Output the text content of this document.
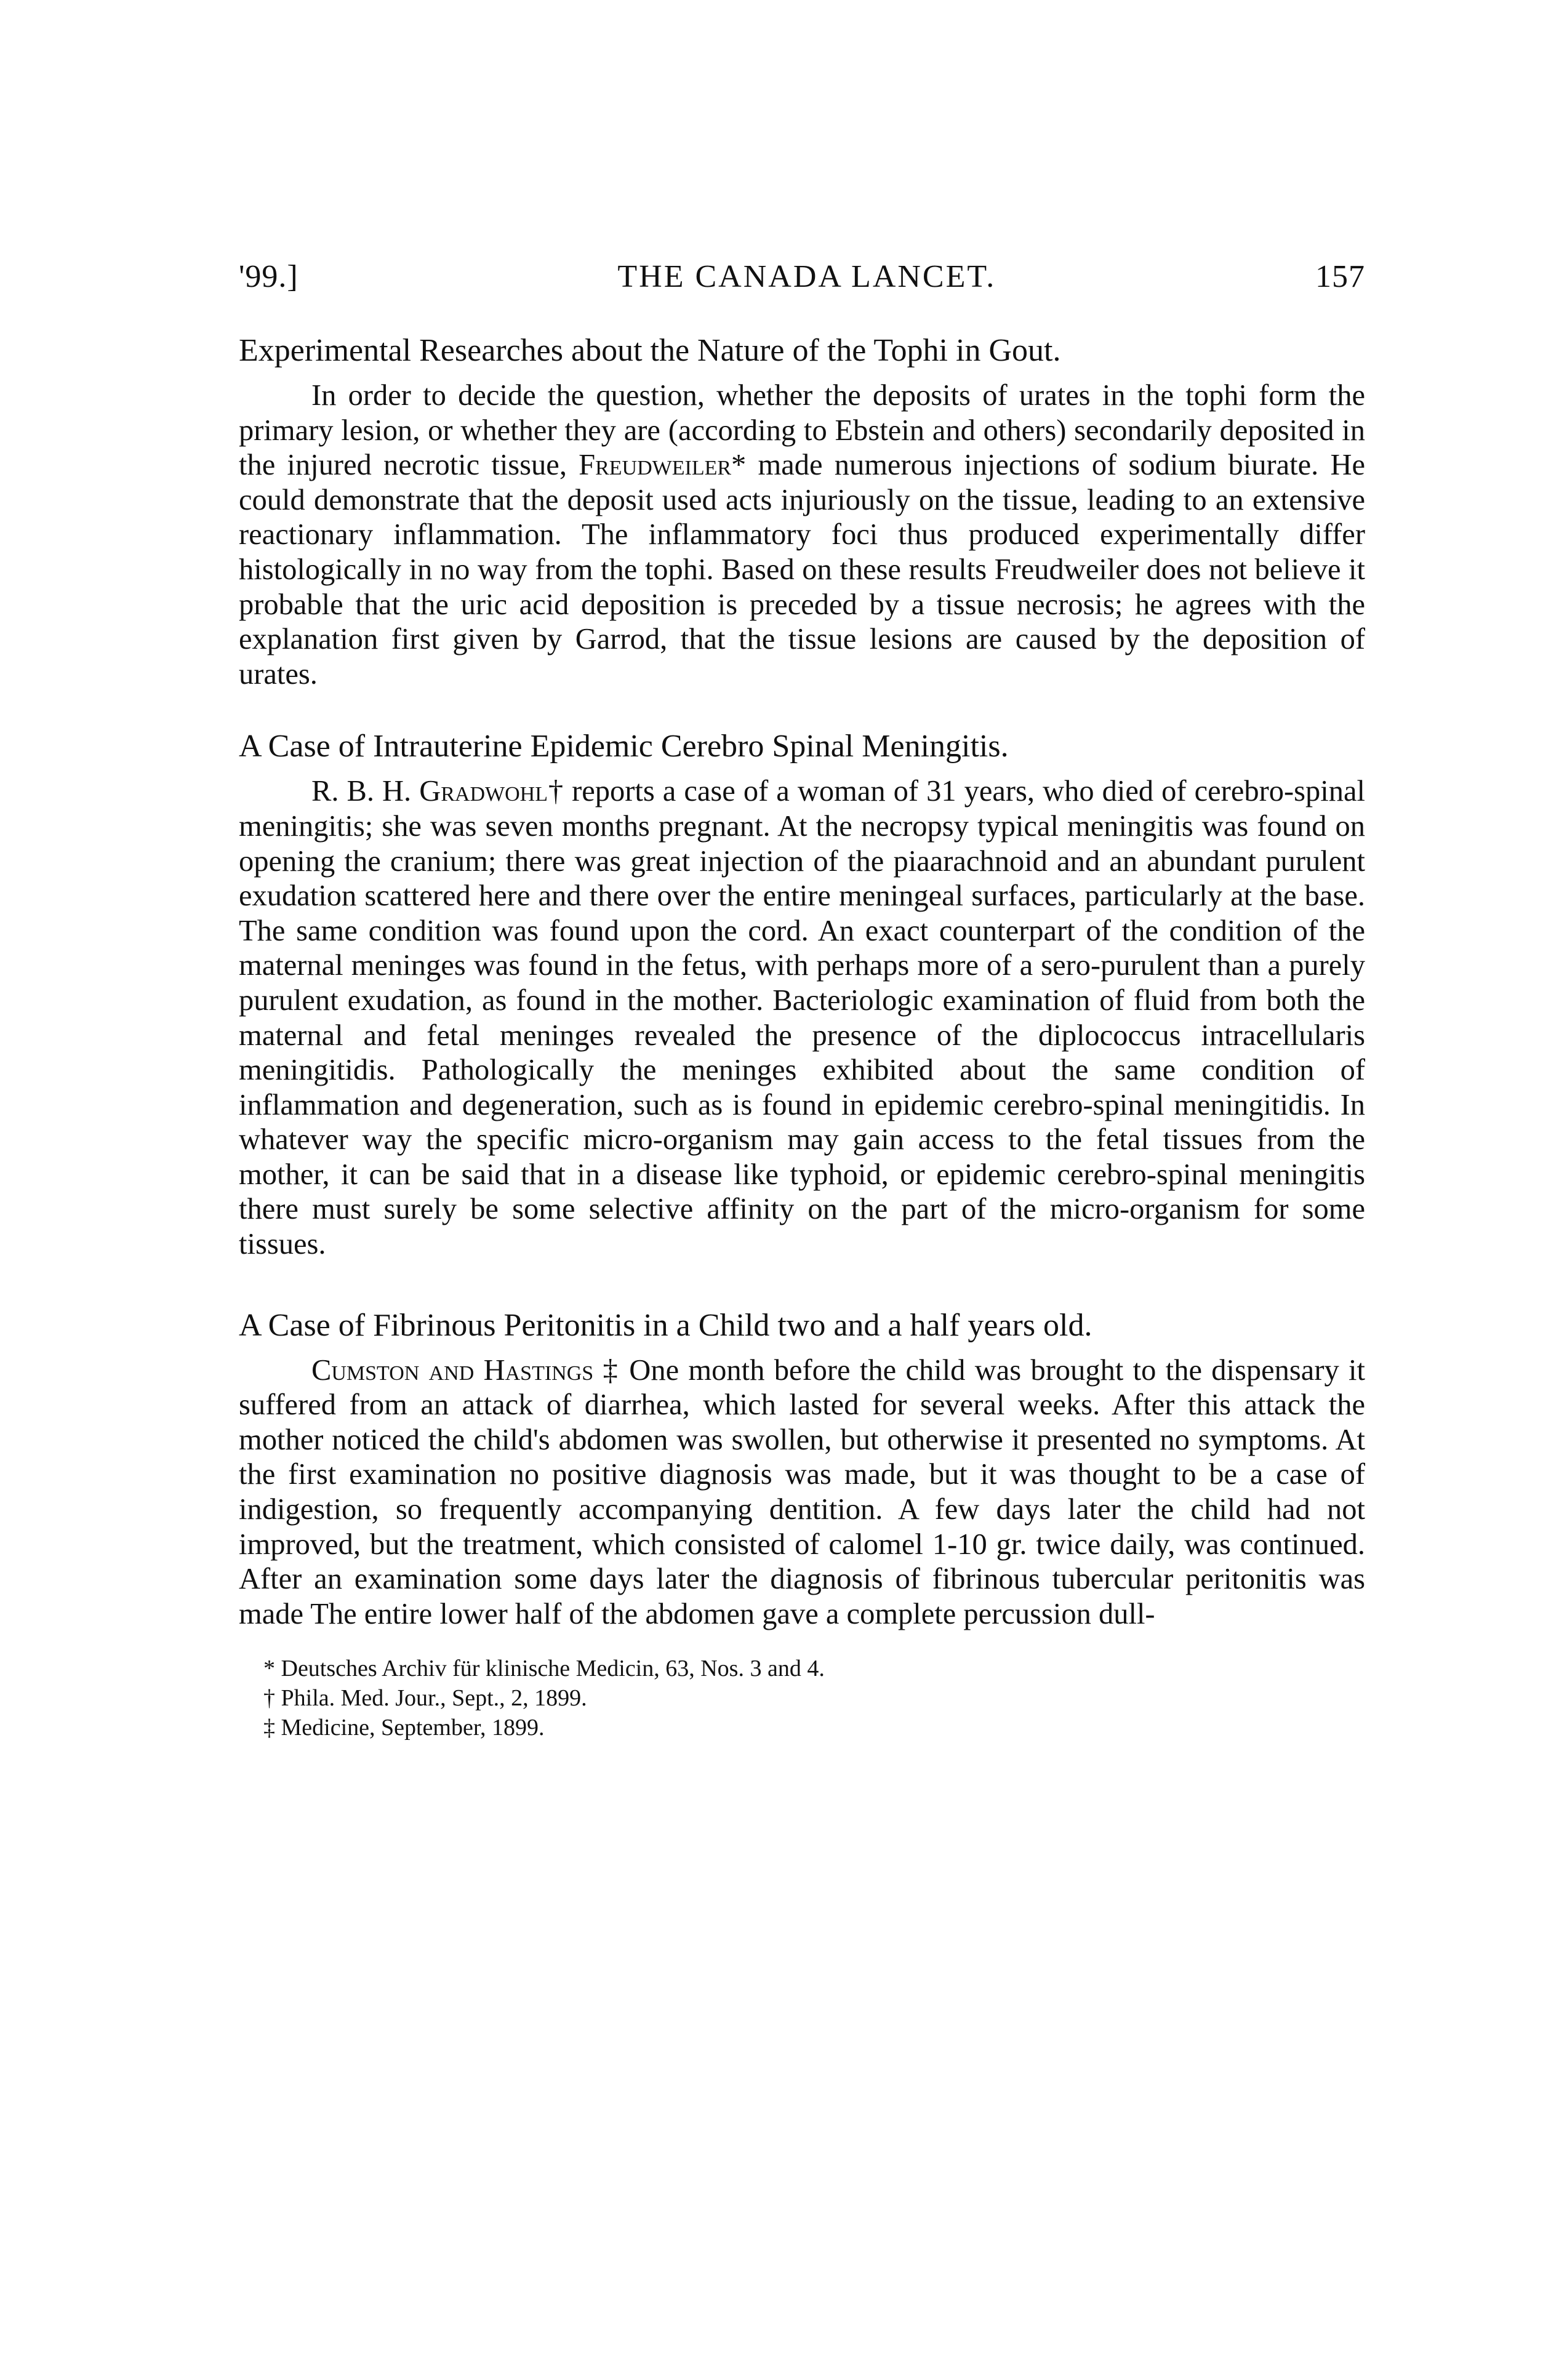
'99.]	THE CANADA LANCET.	157
Experimental Researches about the Nature of the Tophi in Gout.

In order to decide the question, whether the deposits of urates in the tophi form the primary lesion, or whether they are (according to Ebstein and others) secondarily deposited in the injured necrotic tissue, Freudweiler* made numerous injections of sodium biurate. He could demonstrate that the deposit used acts injuriously on the tissue, leading to an extensive reactionary inflammation. The inflammatory foci thus produced experimentally differ histologically in no way from the tophi. Based on these results Freudweiler does not believe it probable that the uric acid deposition is preceded by a tissue necrosis; he agrees with the explanation first given by Garrod, that the tissue lesions are caused by the deposition of urates.

A Case of Intrauterine Epidemic Cerebro Spinal Meningitis.

R. B. H. Gradwohl† reports a case of a woman of 31 years, who died of cerebro-spinal meningitis; she was seven months pregnant. At the necropsy typical meningitis was found on opening the cranium; there was great injection of the piaarachnoid and an abundant purulent exudation scattered here and there over the entire meningeal surfaces, particularly at the base. The same condition was found upon the cord. An exact counterpart of the condition of the maternal meninges was found in the fetus, with perhaps more of a sero-purulent than a purely purulent exudation, as found in the mother. Bacteriologic examination of fluid from both the maternal and fetal meninges revealed the presence of the diplococcus intracellularis meningitidis. Pathologically the meninges exhibited about the same condition of inflammation and degeneration, such as is found in epidemic cerebro-spinal meningitidis. In whatever way the specific micro-organism may gain access to the fetal tissues from the mother, it can be said that in a disease like typhoid, or epidemic cerebro-spinal meningitis there must surely be some selective affinity on the part of the micro-organism for some tissues.

A Case of Fibrinous Peritonitis in a Child two and a half years old.

Cumston and Hastings ‡ One month before the child was brought to the dispensary it suffered from an attack of diarrhea, which lasted for several weeks. After this attack the mother noticed the child's abdomen was swollen, but otherwise it presented no symptoms. At the first examination no positive diagnosis was made, but it was thought to be a case of indigestion, so frequently accompanying dentition. A few days later the child had not improved, but the treatment, which consisted of calomel 1-10 gr. twice daily, was continued. After an examination some days later the diagnosis of fibrinous tubercular peritonitis was made The entire lower half of the abdomen gave a complete percussion dull-

* Deutsches Archiv für klinische Medicin, 63, Nos. 3 and 4.
† Phila. Med. Jour., Sept., 2, 1899.
‡ Medicine, September, 1899.
